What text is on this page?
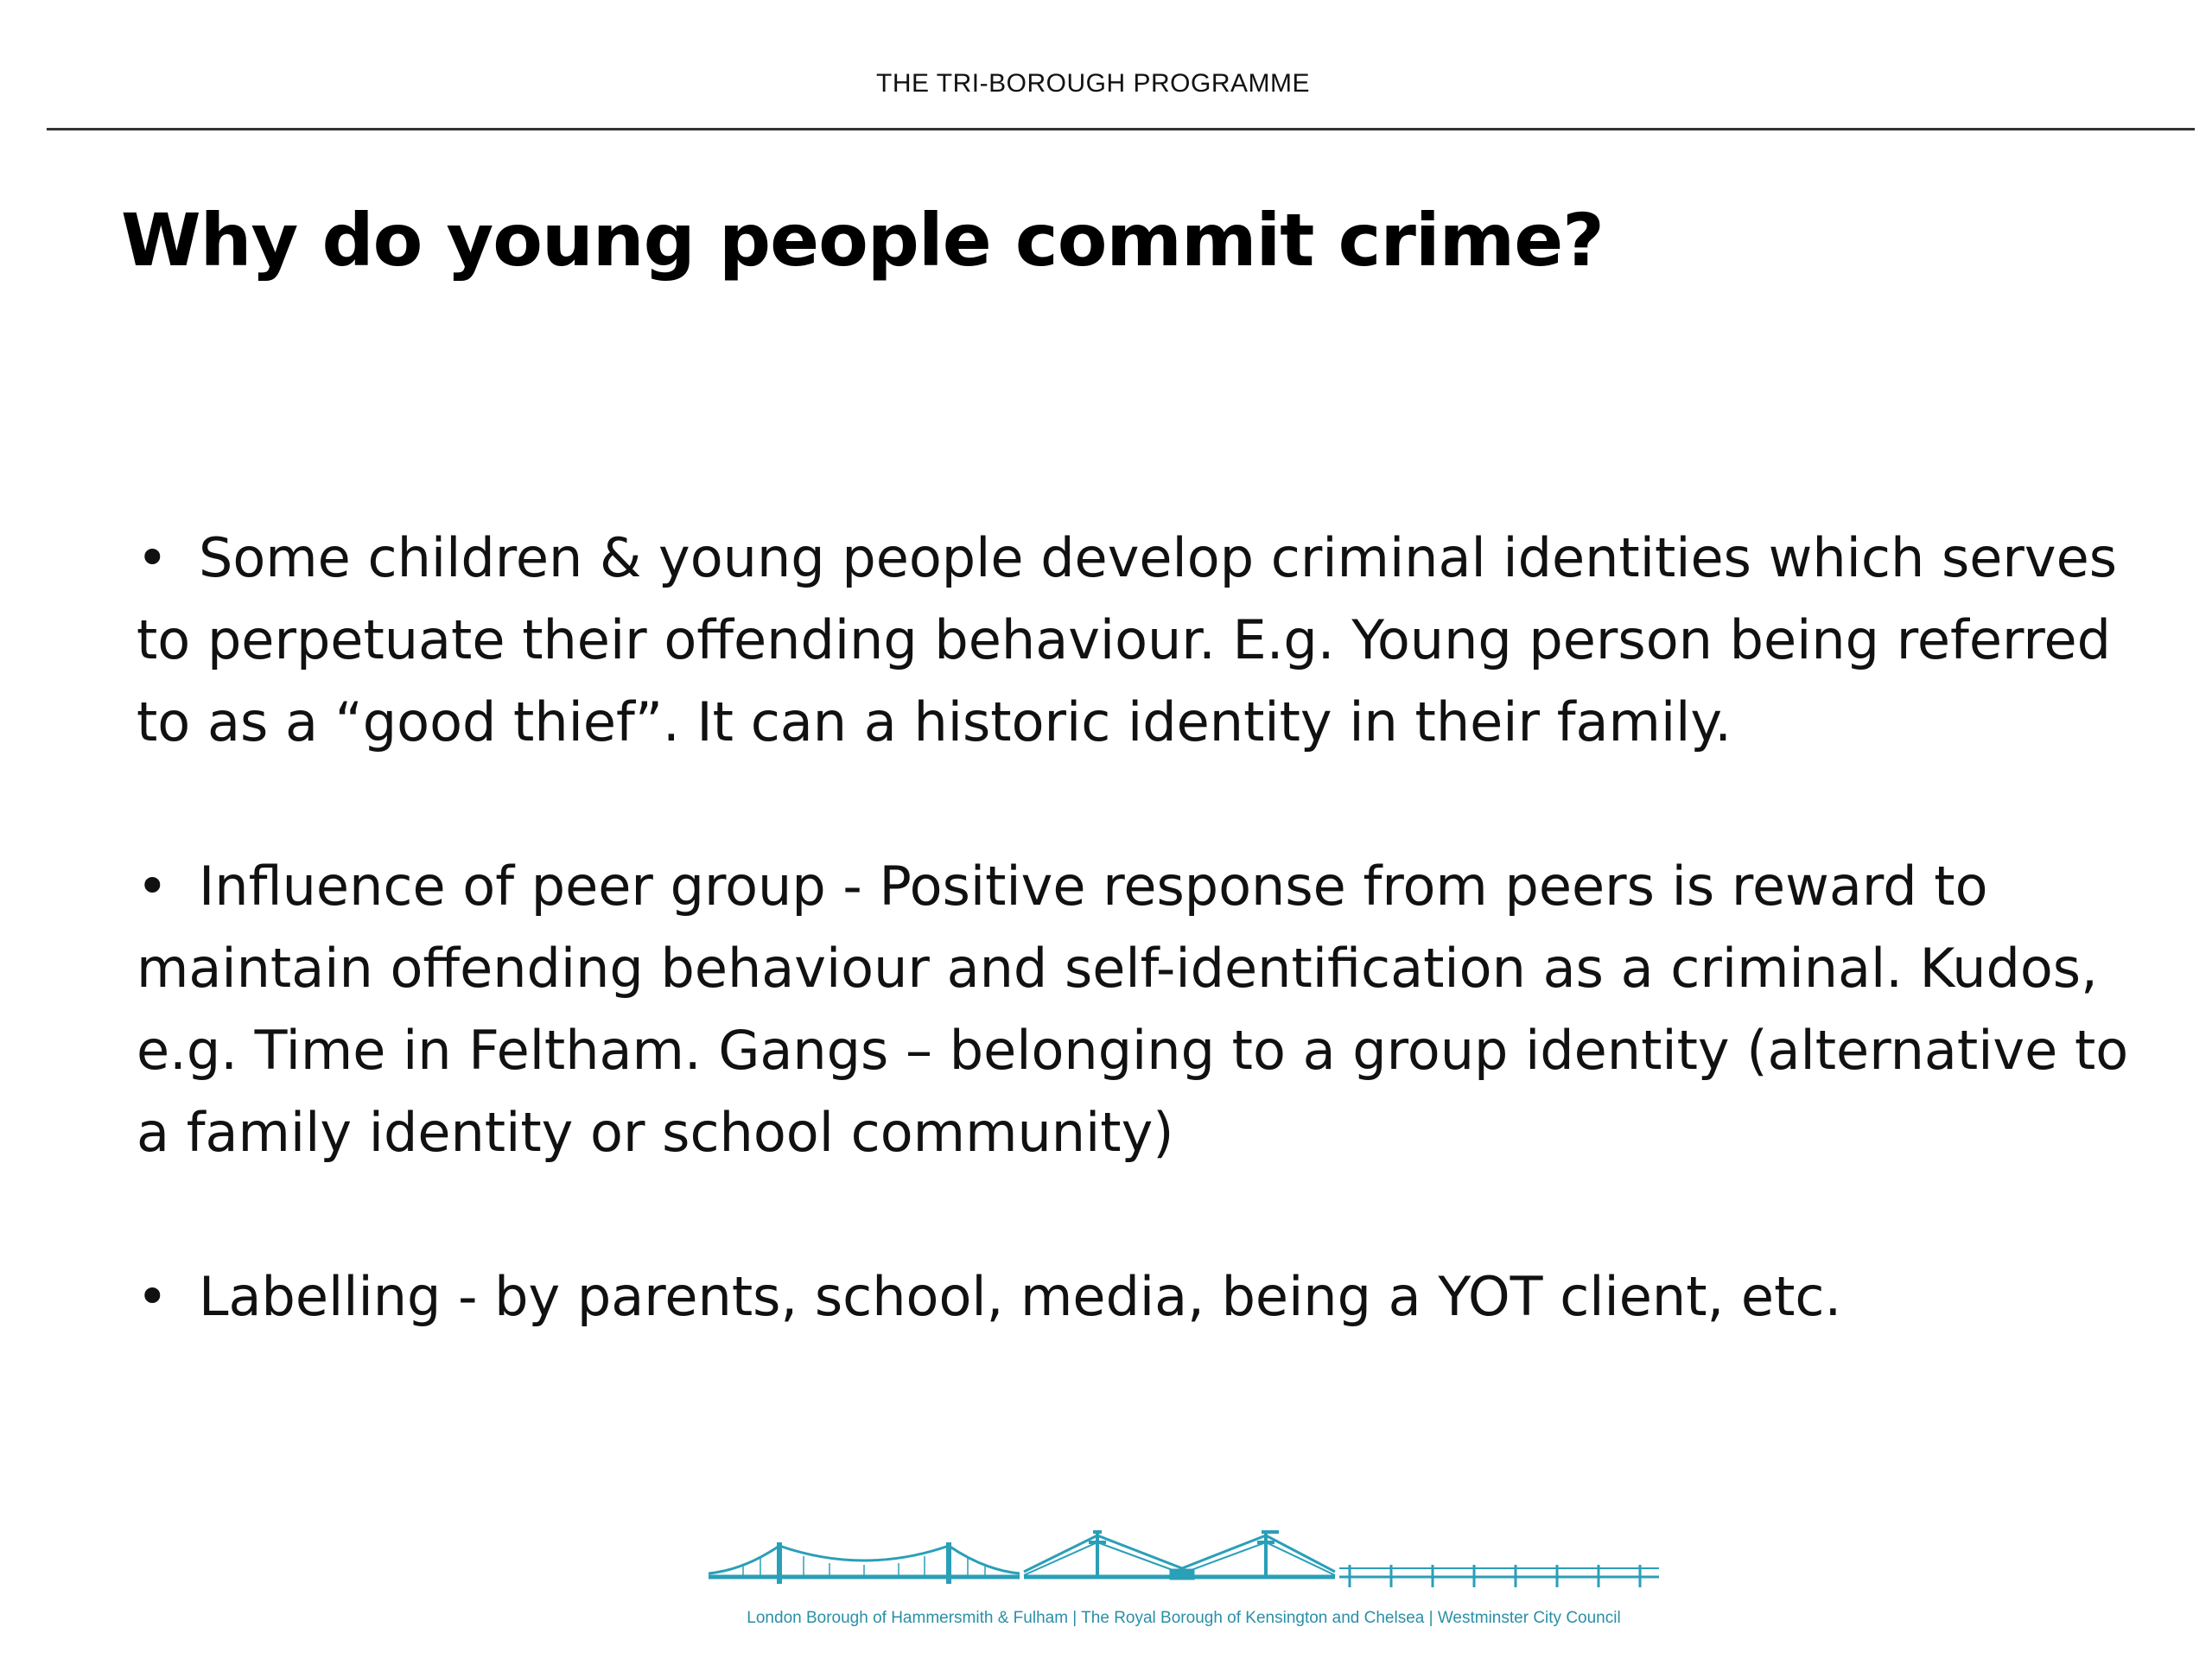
THE TRI-BOROUGH PROGRAMME
Why do young people commit crime?
• Some children & young people develop criminal identities which serves to perpetuate their offending behaviour. E.g. Young person being referred to as a “good thief”. It can a historic identity in their family.
• Influence of peer group - Positive response from peers is reward to maintain offending behaviour and self-identification as a criminal. Kudos, e.g. Time in Feltham. Gangs – belonging to a group identity (alternative to a family identity or school community)
• Labelling - by parents, school, media, being a YOT client, etc.
London Borough of Hammersmith & Fulham | The Royal Borough of Kensington and Chelsea | Westminster City Council
